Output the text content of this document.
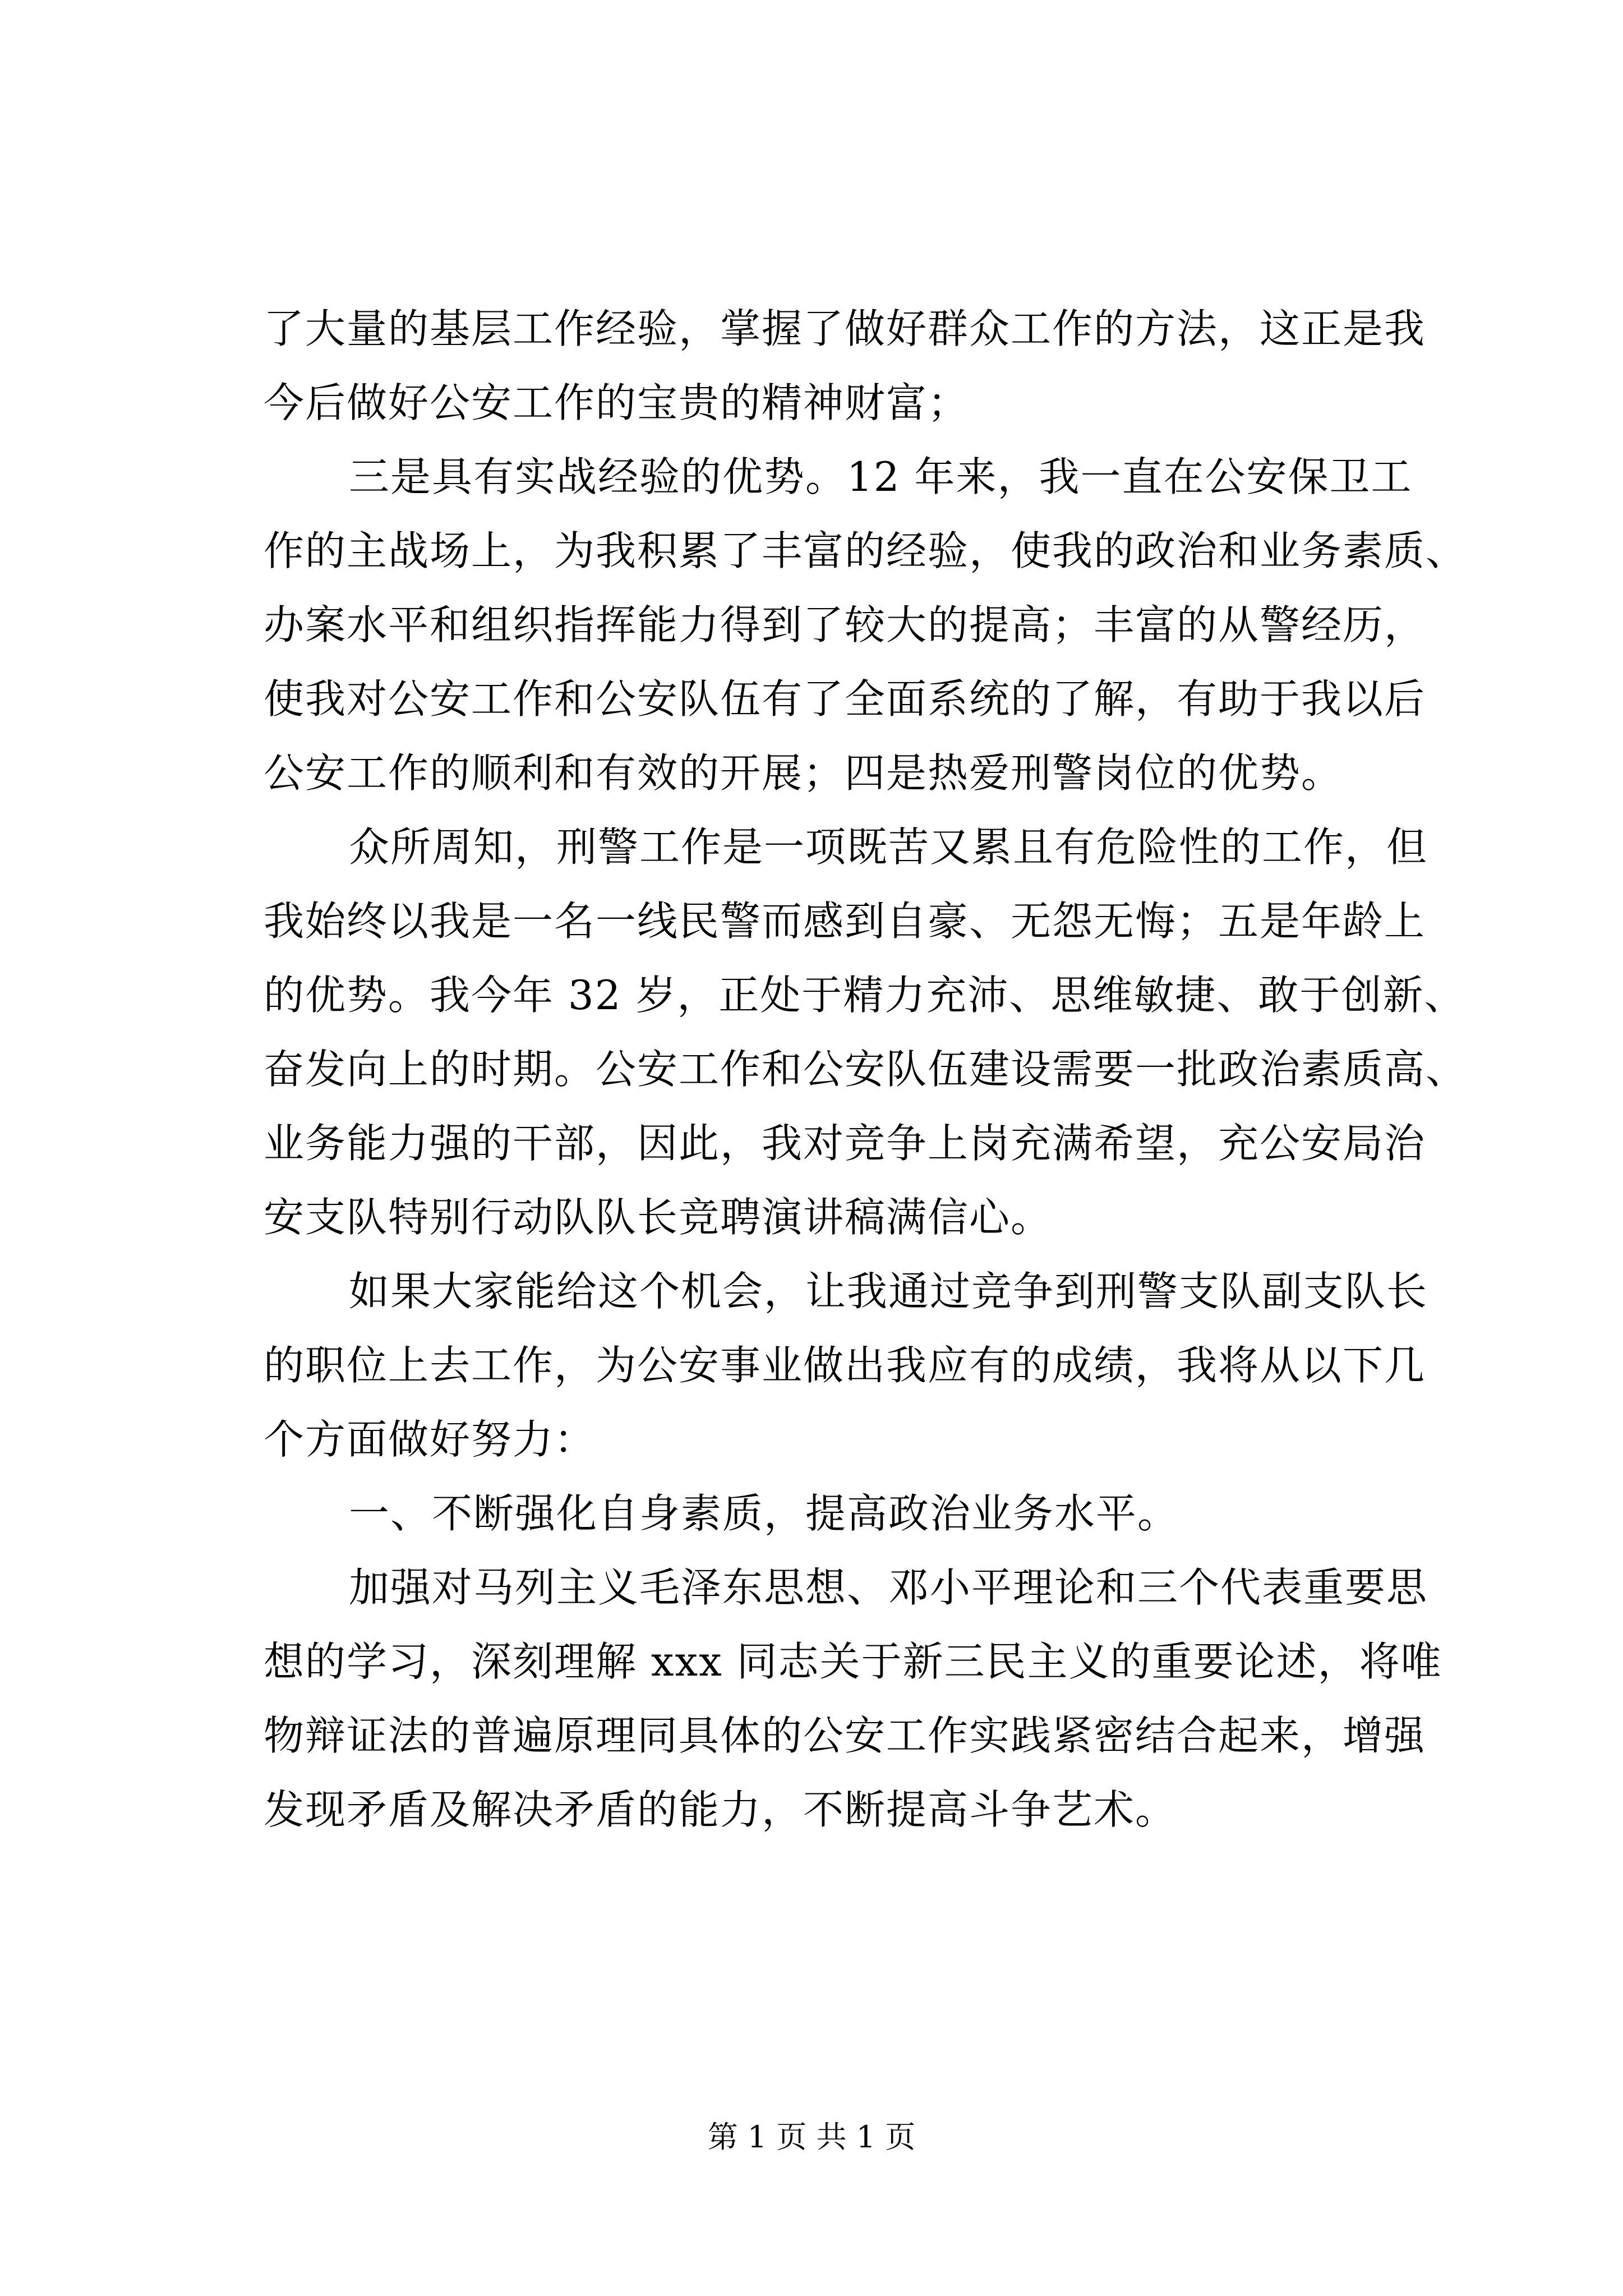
了大量的基层工作经验，掌握了做好群众工作的方法，这正是我
今后做好公安工作的宝贵的精神财富；
三是具有实战经验的优势。12 年来，我一直在公安保卫工
作的主战场上，为我积累了丰富的经验，使我的政治和业务素质、
办案水平和组织指挥能力得到了较大的提高；丰富的从警经历，
使我对公安工作和公安队伍有了全面系统的了解，有助于我以后
公安工作的顺利和有效的开展；四是热爱刑警岗位的优势。
众所周知，刑警工作是一项既苦又累且有危险性的工作，但
我始终以我是一名一线民警而感到自豪、无怨无悔；五是年龄上
的优势。我今年 32 岁，正处于精力充沛、思维敏捷、敢于创新、
奋发向上的时期。公安工作和公安队伍建设需要一批政治素质高、
业务能力强的干部，因此，我对竞争上岗充满希望，充公安局治
安支队特别行动队队长竞聘演讲稿满信心。
如果大家能给这个机会，让我通过竞争到刑警支队副支队长
的职位上去工作，为公安事业做出我应有的成绩，我将从以下几
个方面做好努力：
一、不断强化自身素质，提高政治业务水平。
加强对马列主义毛泽东思想、邓小平理论和三个代表重要思
想的学习，深刻理解 xxx 同志关于新三民主义的重要论述，将唯
物辩证法的普遍原理同具体的公安工作实践紧密结合起来，增强
发现矛盾及解决矛盾的能力，不断提高斗争艺术。
第 1 页 共 1 页
